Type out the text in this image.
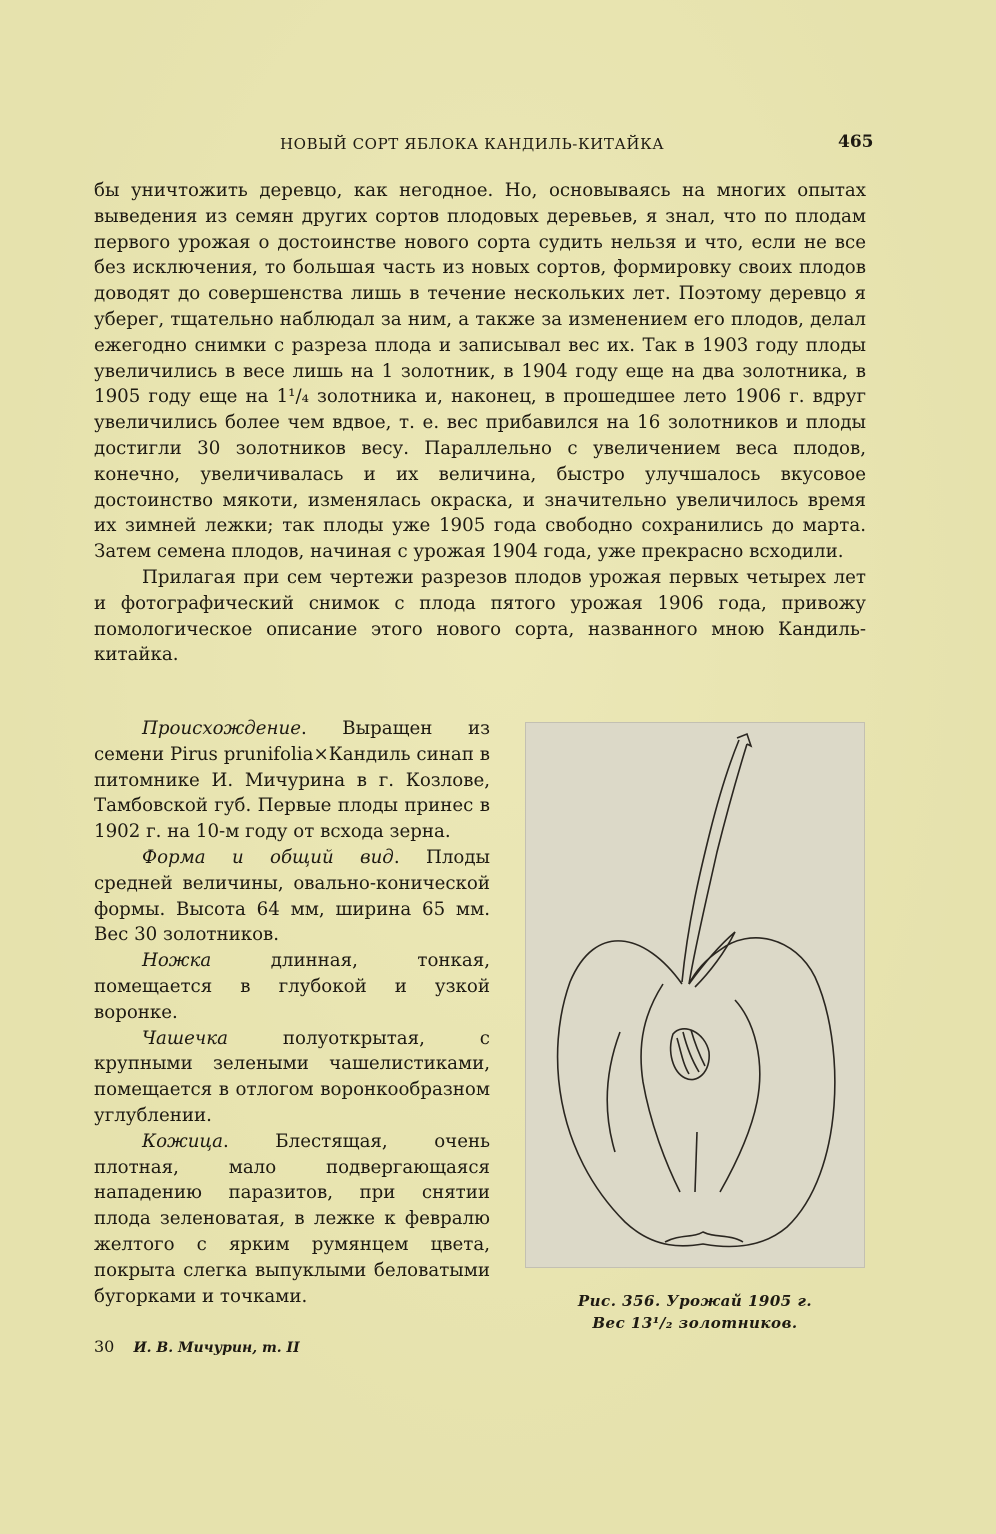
НОВЫЙ СОРТ ЯБЛОКА КАНДИЛЬ-КИТАЙКА	465

бы уничтожить деревцо, как негодное. Но, основываясь на многих опытах выведения из семян других сортов плодовых деревьев, я знал, что по плодам первого урожая о достоинстве нового сорта судить нельзя и что, если не все без исключения, то большая часть из новых сортов, формировку своих плодов доводят до совершенства лишь в течение нескольких лет. Поэтому деревцо я уберег, тщательно наблюдал за ним, а также за изменением его плодов, делал ежегодно снимки с разреза плода и записывал вес их. Так в 1903 году плоды увеличились в весе лишь на 1 золотник, в 1904 году еще на два золотника, в 1905 году еще на 1¹/₄ золотника и, наконец, в прошедшее лето 1906 г. вдруг увеличились более чем вдвое, т. е. вес прибавился на 16 золотников и плоды достигли 30 золотников весу. Параллельно с увеличением веса плодов, конечно, увеличивалась и их величина, быстро улучшалось вкусовое достоинство мякоти, изменялась окраска, и значительно увеличилось время их зимней лежки; так плоды уже 1905 года свободно сохранились до марта. Затем семена плодов, начиная с урожая 1904 года, уже прекрасно всходили.

Прилагая при сем чертежи разрезов плодов урожая первых четырех лет и фотографический снимок с плода пятого урожая 1906 года, привожу помологическое описание этого нового сорта, названного мною Кандиль-китайка.

Происхождение. Выращен из семени Pirus prunifolia×Кандиль синап в питомнике И. Мичурина в г. Козлове, Тамбовской губ. Первые плоды принес в 1902 г. на 10-м году от всхода зерна.

Форма и общий вид. Плоды средней величины, овально-конической формы. Высота 64 мм, ширина 65 мм. Вес 30 золотников.

Ножка длинная, тонкая, помещается в глубокой и узкой воронке.

Чашечка полуоткрытая, с крупными зелеными чашелистиками, помещается в отлогом воронкообразном углублении.

Кожица. Блестящая, очень плотная, мало подвергающаяся нападению паразитов, при снятии плода зеленоватая, в лежке к февралю желтого с ярким румянцем цвета, покрыта слегка выпуклыми беловатыми бугорками и точками.	Рис. 356. Урожай 1905 г.
Вес 13¹/₂ золотников.
30 И. В. Мичурин, т. II
